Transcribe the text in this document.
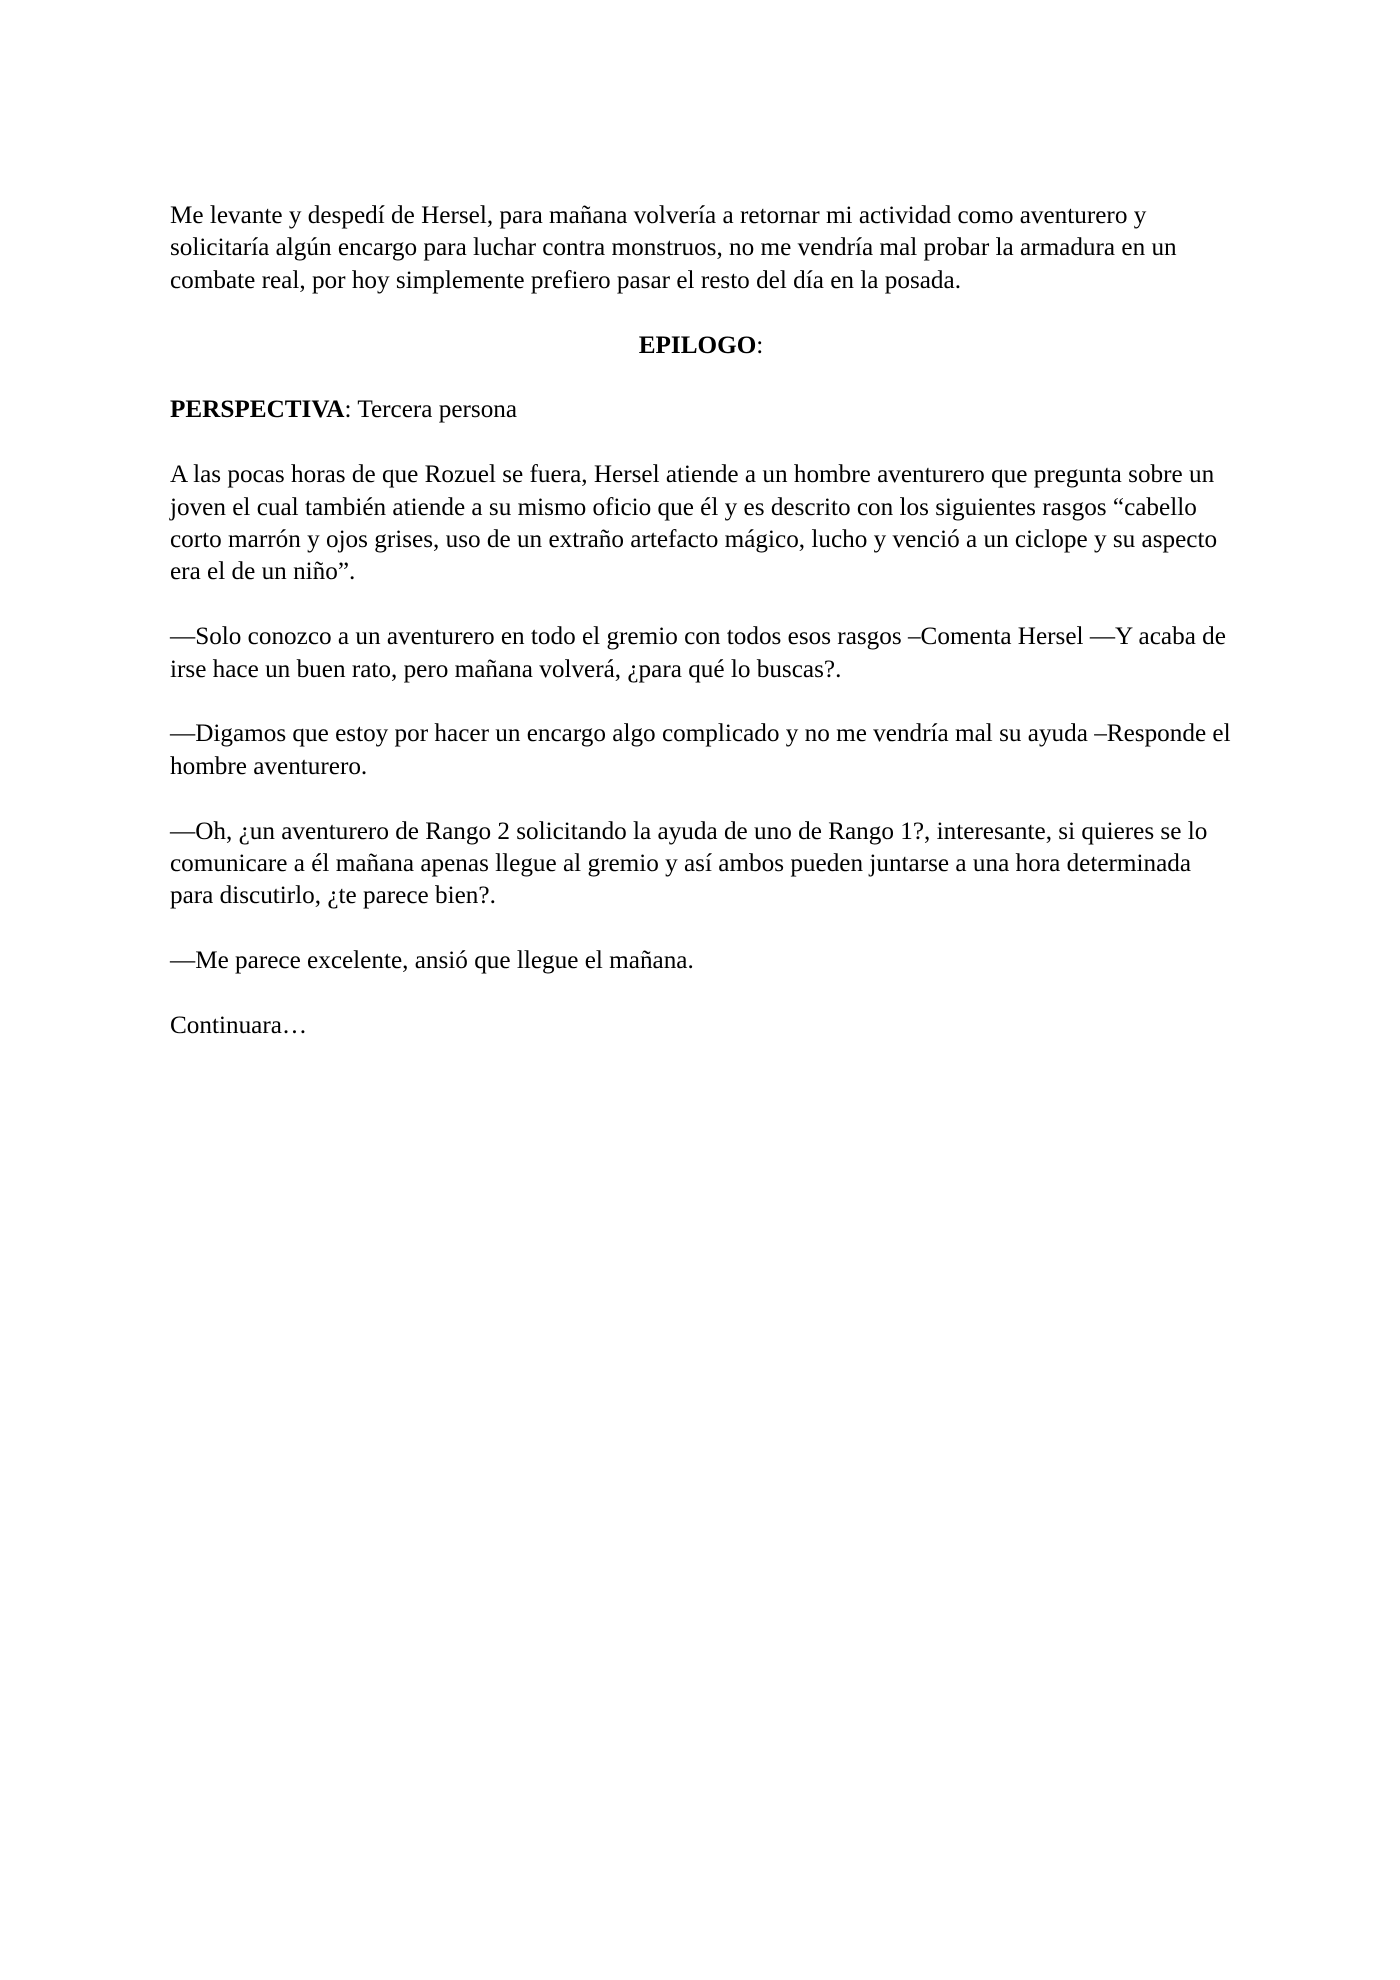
Me levante y despedí de Hersel, para mañana volvería a retornar mi actividad como aventurero y solicitaría algún encargo para luchar contra monstruos, no me vendría mal probar la armadura en un combate real, por hoy simplemente prefiero pasar el resto del día en la posada.

EPILOGO:

PERSPECTIVA: Tercera persona

A las pocas horas de que Rozuel se fuera, Hersel atiende a un hombre aventurero que pregunta sobre un joven el cual también atiende a su mismo oficio que él y es descrito con los siguientes rasgos “cabello corto marrón y ojos grises, uso de un extraño artefacto mágico, lucho y venció a un ciclope y su aspecto era el de un niño”.

—Solo conozco a un aventurero en todo el gremio con todos esos rasgos –Comenta Hersel —Y acaba de irse hace un buen rato, pero mañana volverá, ¿para qué lo buscas?.

—Digamos que estoy por hacer un encargo algo complicado y no me vendría mal su ayuda –Responde el hombre aventurero.

—Oh, ¿un aventurero de Rango 2 solicitando la ayuda de uno de Rango 1?, interesante, si quieres se lo comunicare a él mañana apenas llegue al gremio y así ambos pueden juntarse a una hora determinada para discutirlo, ¿te parece bien?.

—Me parece excelente, ansió que llegue el mañana.

Continuara…
